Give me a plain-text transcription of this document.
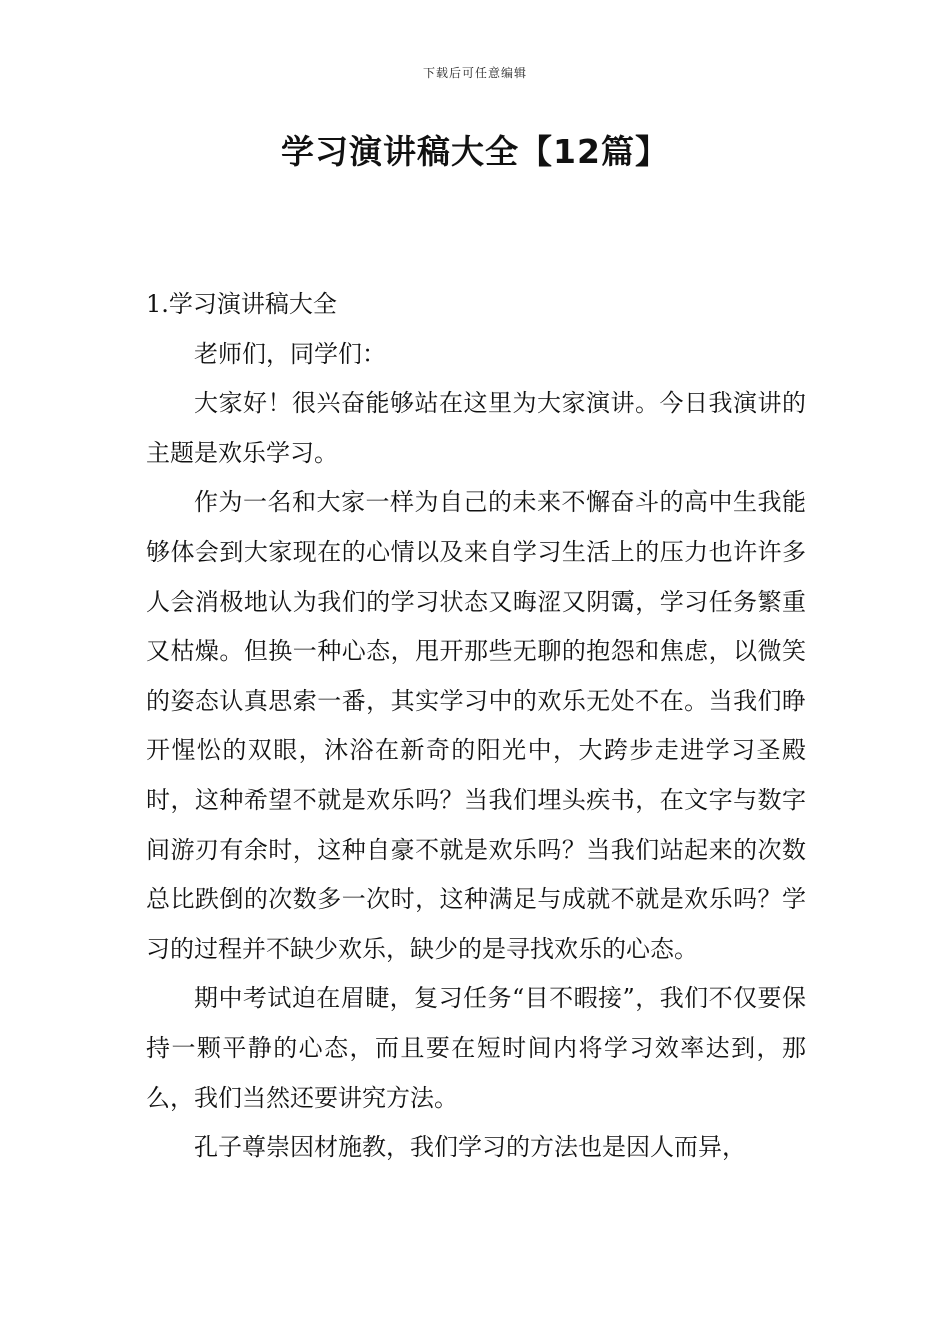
下载后可任意编辑
学习演讲稿大全【12篇】

1.学习演讲稿大全

老师们，同学们：

大家好！很兴奋能够站在这里为大家演讲。今日我演讲的主题是欢乐学习。

作为一名和大家一样为自己的未来不懈奋斗的高中生我能够体会到大家现在的心情以及来自学习生活上的压力也许许多人会消极地认为我们的学习状态又晦涩又阴霭，学习任务繁重又枯燥。但换一种心态，甩开那些无聊的抱怨和焦虑，以微笑的姿态认真思索一番，其实学习中的欢乐无处不在。当我们睁开惺忪的双眼，沐浴在新奇的阳光中，大跨步走进学习圣殿时，这种希望不就是欢乐吗？当我们埋头疾书，在文字与数字间游刃有余时，这种自豪不就是欢乐吗？当我们站起来的次数总比跌倒的次数多一次时，这种满足与成就不就是欢乐吗？学习的过程并不缺少欢乐，缺少的是寻找欢乐的心态。

期中考试迫在眉睫，复习任务“目不暇接”，我们不仅要保持一颗平静的心态，而且要在短时间内将学习效率达到，那么，我们当然还要讲究方法。

孔子尊崇因材施教，我们学习的方法也是因人而异，
